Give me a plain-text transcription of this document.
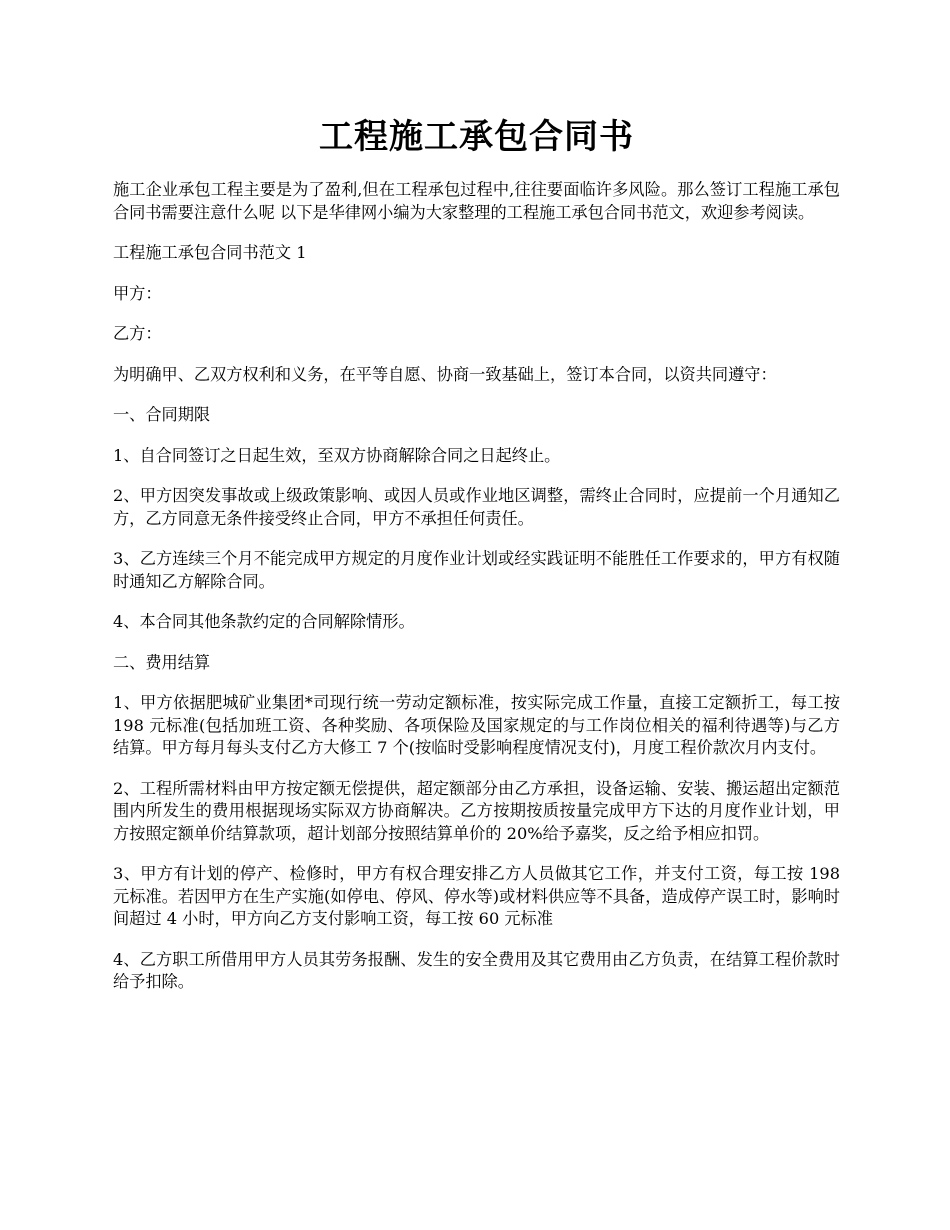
工程施工承包合同书

施工企业承包工程主要是为了盈利,但在工程承包过程中,往往要面临许多风险。那么签订工程施工承包合同书需要注意什么呢 以下是华律网小编为大家整理的工程施工承包合同书范文，欢迎参考阅读。

工程施工承包合同书范文 1

甲方：

乙方：

为明确甲、乙双方权利和义务，在平等自愿、协商一致基础上，签订本合同，以资共同遵守：

一、合同期限

1、自合同签订之日起生效，至双方协商解除合同之日起终止。

2、甲方因突发事故或上级政策影响、或因人员或作业地区调整，需终止合同时，应提前一个月通知乙方，乙方同意无条件接受终止合同，甲方不承担任何责任。

3、乙方连续三个月不能完成甲方规定的月度作业计划或经实践证明不能胜任工作要求的，甲方有权随时通知乙方解除合同。

4、本合同其他条款约定的合同解除情形。

二、费用结算

1、甲方依据肥城矿业集团*司现行统一劳动定额标准，按实际完成工作量，直接工定额折工，每工按 198 元标准(包括加班工资、各种奖励、各项保险及国家规定的与工作岗位相关的福利待遇等)与乙方结算。甲方每月每头支付乙方大修工 7 个(按临时受影响程度情况支付)，月度工程价款次月内支付。

2、工程所需材料由甲方按定额无偿提供，超定额部分由乙方承担，设备运输、安装、搬运超出定额范围内所发生的费用根据现场实际双方协商解决。乙方按期按质按量完成甲方下达的月度作业计划，甲方按照定额单价结算款项，超计划部分按照结算单价的 20%给予嘉奖，反之给予相应扣罚。

3、甲方有计划的停产、检修时，甲方有权合理安排乙方人员做其它工作，并支付工资，每工按 198 元标准。若因甲方在生产实施(如停电、停风、停水等)或材料供应等不具备，造成停产误工时，影响时间超过 4 小时，甲方向乙方支付影响工资，每工按 60 元标准

4、乙方职工所借用甲方人员其劳务报酬、发生的安全费用及其它费用由乙方负责，在结算工程价款时给予扣除。
